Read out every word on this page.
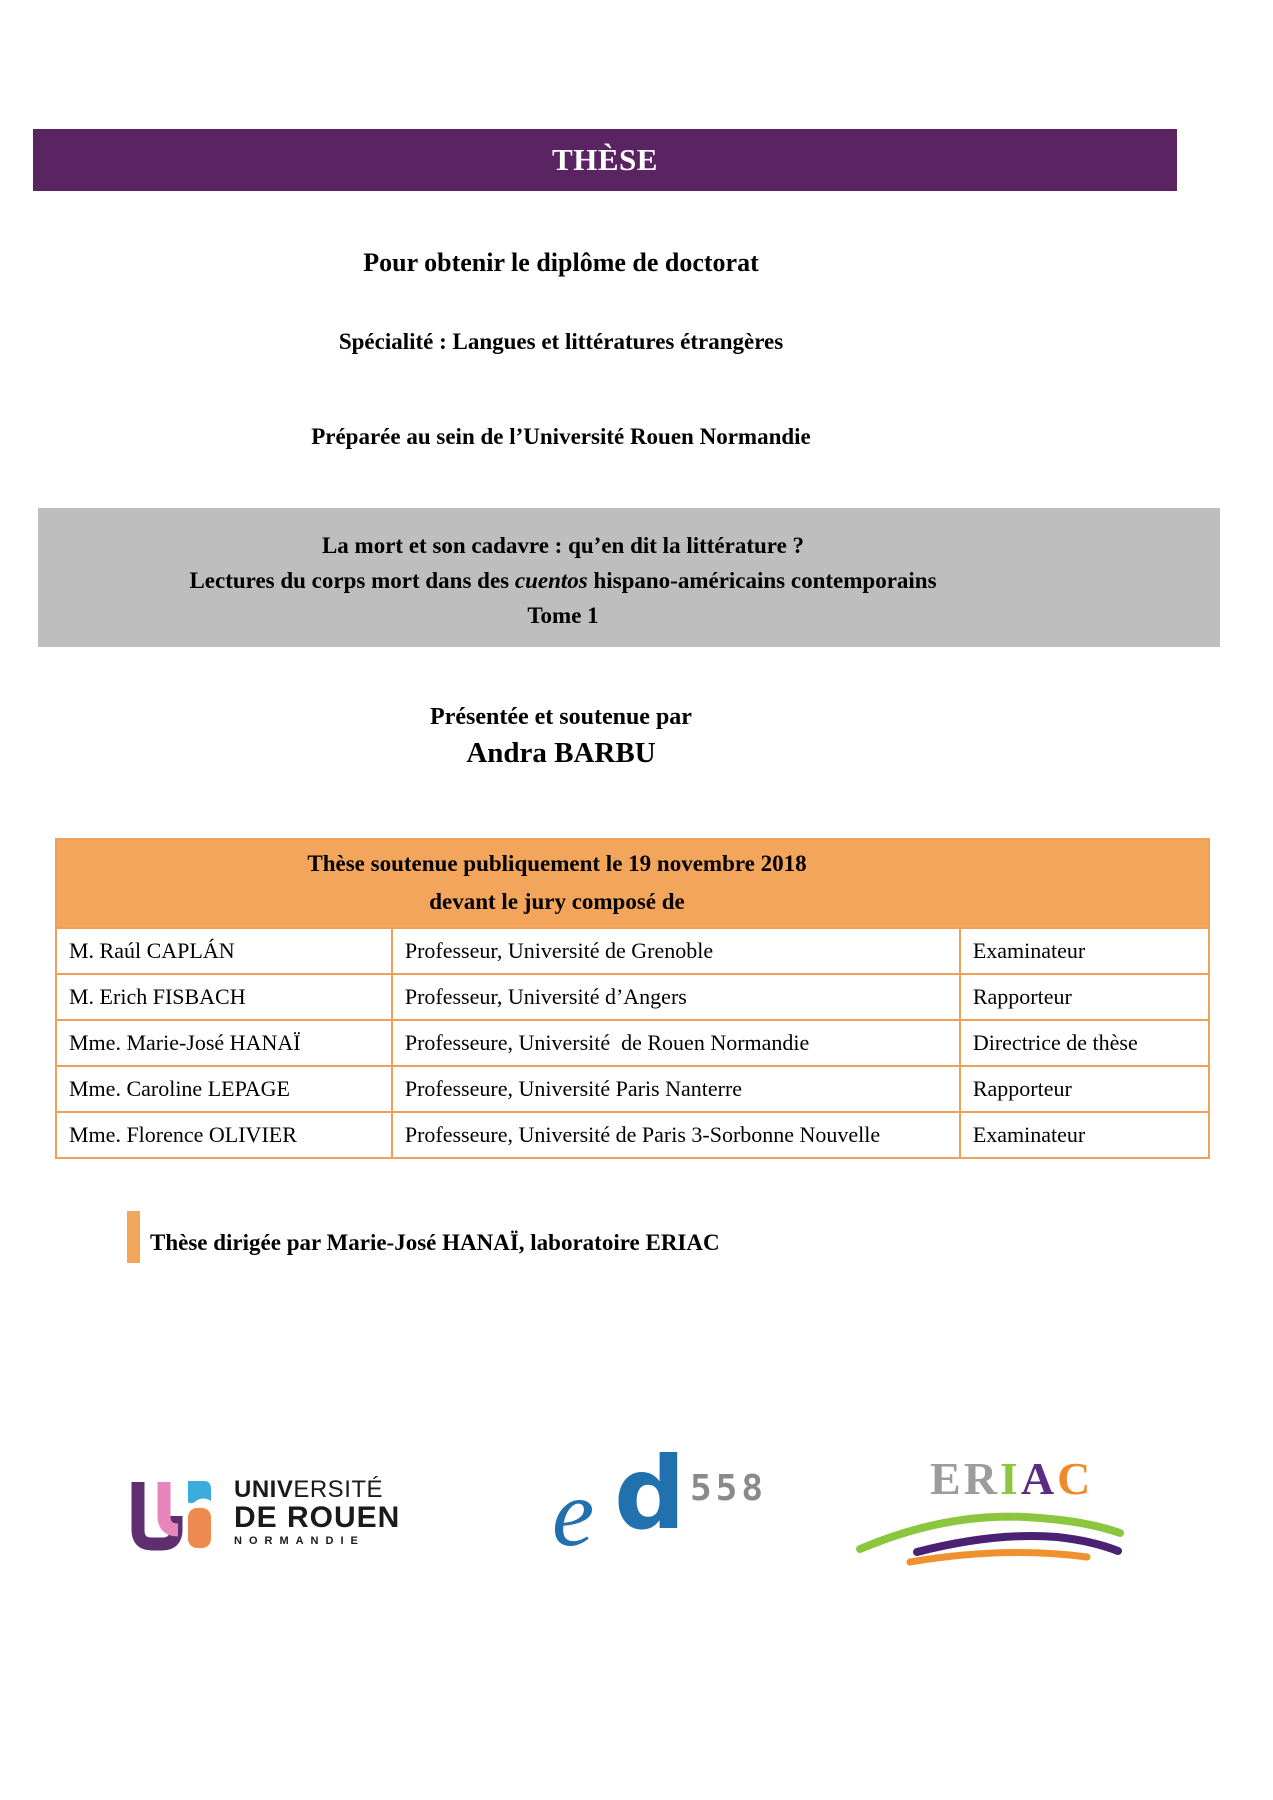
THÈSE
Pour obtenir le diplôme de doctorat
Spécialité : Langues et littératures étrangères
Préparée au sein de l’Université Rouen Normandie
La mort et son cadavre : qu’en dit la littérature ?
Lectures du corps mort dans des cuentos hispano-américains contemporains
Tome 1
Présentée et soutenue par
Andra BARBU
Thèse soutenue publiquement le 19 novembre 2018
devant le jury composé de
M. Raúl CAPLÁN	Professeur, Université de Grenoble	Examinateur
M. Erich FISBACH	Professeur, Université d’Angers	Rapporteur
Mme. Marie-José HANAÏ	Professeure, Université  de Rouen Normandie	Directrice de thèse
Mme. Caroline LEPAGE	Professeure, Université Paris Nanterre	Rapporteur
Mme. Florence OLIVIER	Professeure, Université de Paris 3-Sorbonne Nouvelle	Examinateur
Thèse dirigée par Marie-José HANAÏ, laboratoire ERIAC
UNIVERSITÉ
DE ROUEN
NORMANDIE	e d 558	ERIAC
